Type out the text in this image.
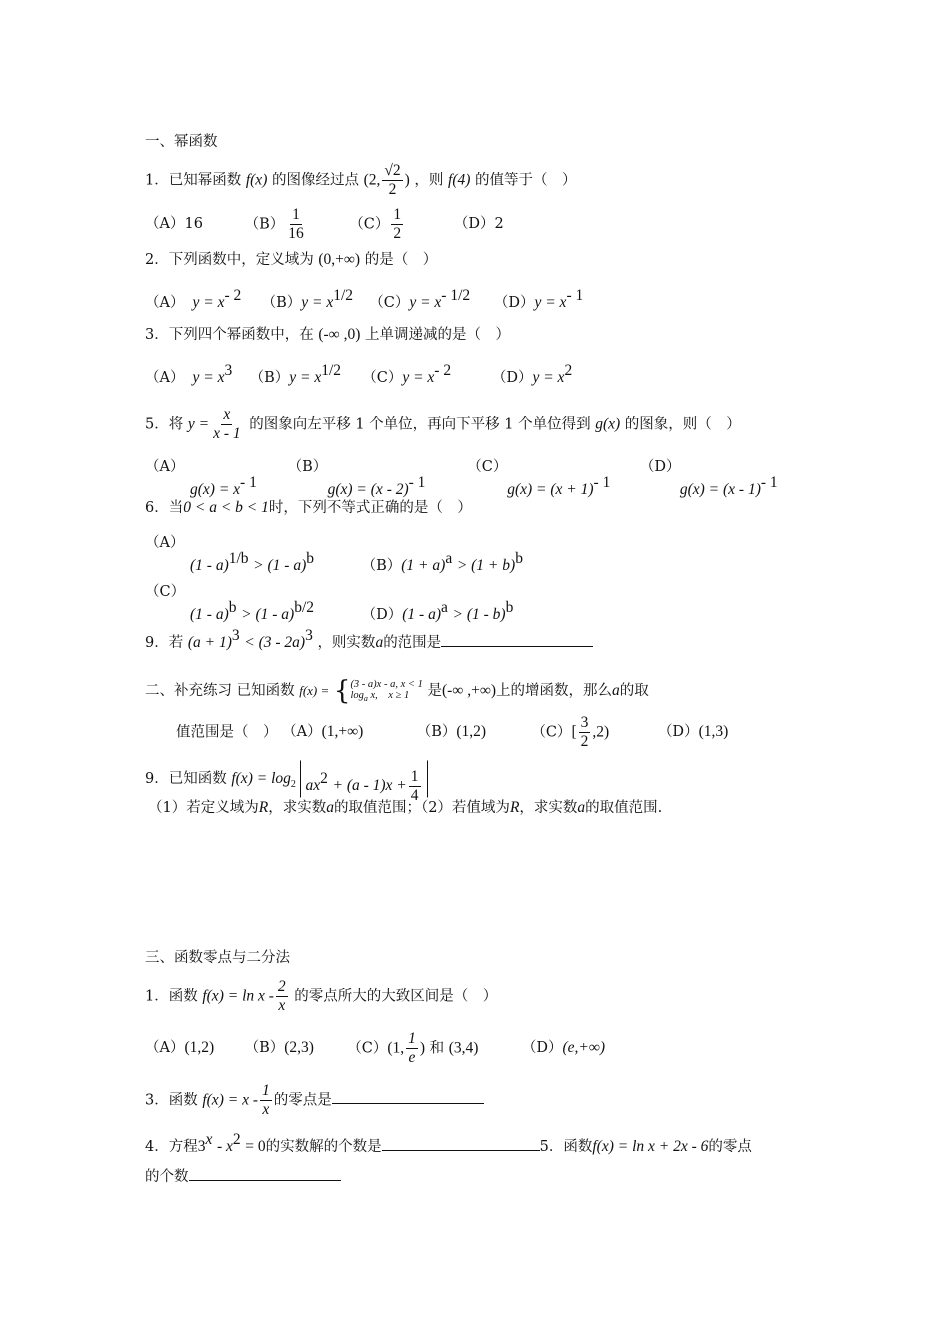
一、幂函数
1．已知幂函数 f(x) 的图像经过点 (2, $\frac{√2}{2}$ ) ，则 f(4) 的值等于（　）
（A）16	$(B) \frac{1}{16}$	$(C) \frac{1}{2}$	（D）2
2．下列函数中，定义域为 (0,+∞) 的是（　）
（A） $y = x^{- 2}$ $(B)y = x^{1/2}$ $(C)y = x^{- 1/2}$ $(D)y = x^{- 1}$
3．下列四个幂函数中，在 (-∞ ,0) 上单调递减的是（　）
（A） $y = x^3$ $(B)y = x^{1/2}$ $(C)y = x^{- 2}$	$(D)y = x^2$
5．将 $y = \frac{x}{x - 1}$ 的图象向左平移 1 个单位，再向下平移 1 个单位得到 g(x) 的图象，则（　）
（A）
$g(x) = x^{- 1}$ （B）
g(x) = (x - 2)$^{- 1}$ （C）
$g(x) = (x + 1)^{- 1}$ （D）
g(x) = (x - 1)$^{- 1}$
6．当0 < a < b < 1时，下列不等式正确的是（　）
（A）
(1 - a)$^{1/b}$ > (1 - a)$^b$	$(B)(1 + a)^a > (1 + b)^b$
（C）
(1 - a)$^b$ > (1 - a)$^{b/2}$	（D）(1 - a)$^a$ > (1 - b)$^b$
9．若 $(a + 1)^3 < (3 - 2a)^3$ ，则实数a的范围是
二、补充练习 已知函数 f(x) = { (3 - a)x - a, x < 1
$\log_a x$,　x ≥ 1	是(-∞ ,+∞)上的增函数，那么a的取
值范围是（　） （A）(1,+∞)	（B）(1,2)	$(C)[ \frac{3}{2} ,2)$	（D）(1,3)
9．已知函数 $f(x) = \log_2 ax^2 + (a - 1)x + \frac{1}{4}$
（1）若定义域为R，求实数a的取值范围；（2）若值域为R，求实数a的取值范围.
三、函数零点与二分法
1．函数 $f(x) = \ln x - \frac{2}{x}$ 的零点所大的大致区间是（　）
（A）(1,2) （B）(2,3) （C）(1, $\frac{1}{e}$ ) 和 (3,4)	（D）(e,+∞)
3．函数 $f(x) = x - \frac{1}{x}$ 的零点是
4．方程$3^x - x^2 = 0$的实数解的个数是	5．函数f(x) = ln x + 2x - 6的零点
的个数
